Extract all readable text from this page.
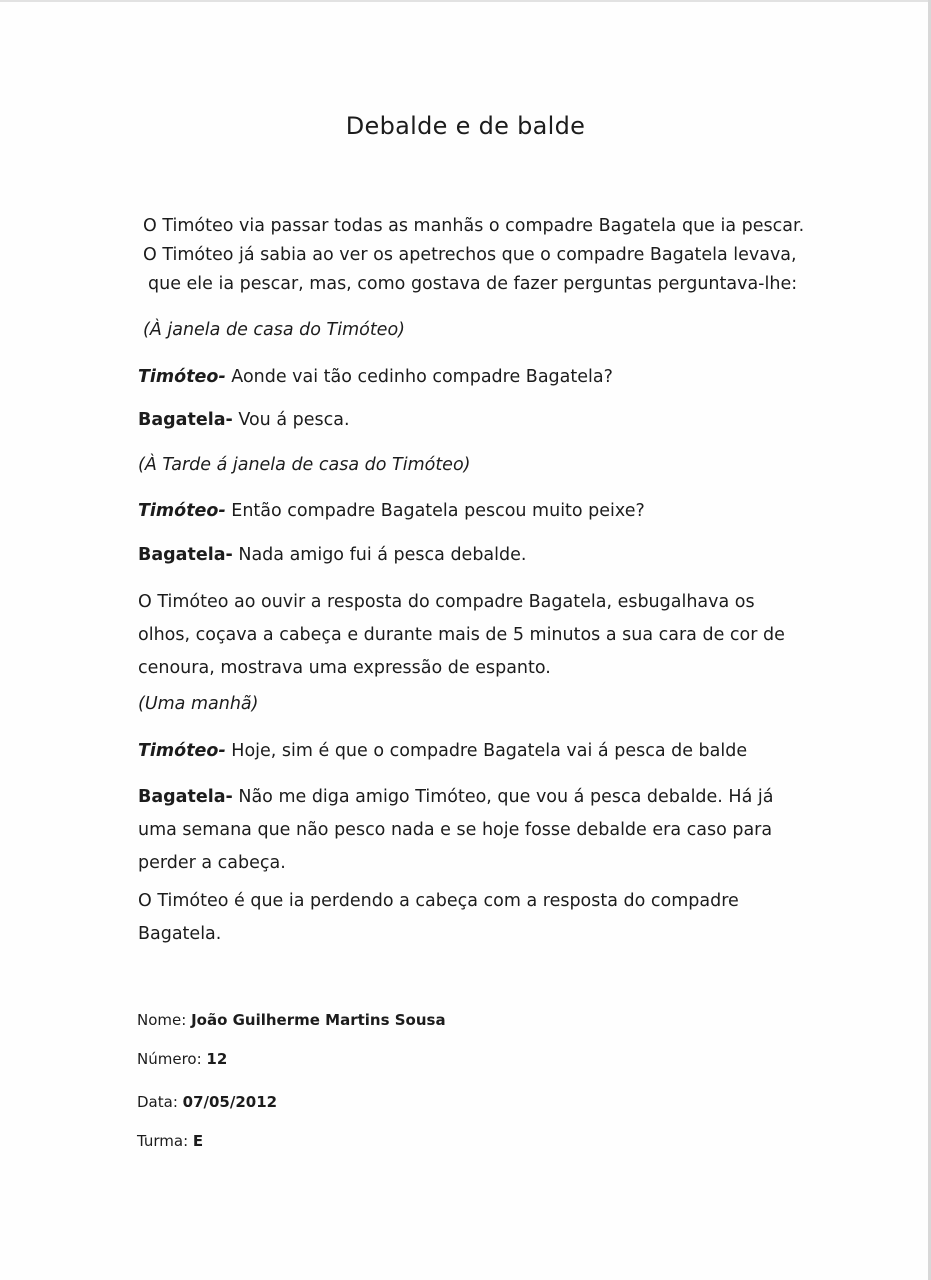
Debalde e de balde
O Timóteo via passar todas as manhãs o compadre Bagatela que ia pescar.
O Timóteo já sabia ao ver os apetrechos que o compadre Bagatela levava,
que ele ia pescar, mas, como gostava de fazer perguntas perguntava-lhe:

(À janela de casa do Timóteo)

Timóteo- Aonde vai tão cedinho compadre Bagatela?

Bagatela- Vou á pesca.

(À Tarde á janela de casa do Timóteo)

Timóteo- Então compadre Bagatela pescou muito peixe?

Bagatela- Nada amigo fui á pesca debalde.

O Timóteo ao ouvir a resposta do compadre Bagatela, esbugalhava os
olhos, coçava a cabeça e durante mais de 5 minutos a sua cara de cor de
cenoura, mostrava uma expressão de espanto.

(Uma manhã)

Timóteo- Hoje, sim é que o compadre Bagatela vai á pesca de balde

Bagatela- Não me diga amigo Timóteo, que vou á pesca debalde. Há já
uma semana que não pesco nada e se hoje fosse debalde era caso para
perder a cabeça.
O Timóteo é que ia perdendo a cabeça com a resposta do compadre
Bagatela.
Nome: João Guilherme Martins Sousa
Número: 12
Data: 07/05/2012
Turma: E
